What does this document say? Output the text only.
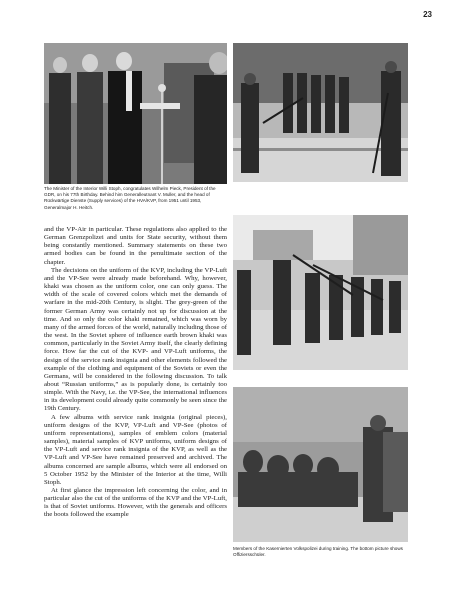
23
The Minister of the Interior Willi Stoph, congratulates Wilhelm Pieck, President of the GDR, on his 77th Birthday. Behind him Generalleutnant V. Muller, and the head of Rückwärtige Dienste (Supply services) of the HVA/KVP, from 1951 until 1953, Generalmajor H. Heitch.
Members of the Kasernierten Volkspolizei during training. The bottom picture shows Offiziersschüler.

and the VP-Air in particular. These regulations also applied to the German Grenzpolizei and units for State security, without them being constantly mentioned. Summary statements on these two armed bodies can be found in the penultimate section of the chapter.

The decisions on the uniform of the KVP, including the VP-Luft and the VP-See were already made beforehand. Why, however, khaki was chosen as the uniform color, one can only guess. The width of the scale of covered colors which met the demands of warfare in the mid-20th Century, is slight. The grey-green of the former German Army was certainly not up for discussion at the time. And so only the color khaki remained, which was worn by many of the armed forces of the world, naturally including those of the west. In the Soviet sphere of influence earth brown khaki was common, particularly in the Soviet Army itself, the clearly defining force. How far the cut of the KVP- and VP-Luft uniforms, the design of the service rank insignia and other elements followed the example of the clothing and equipment of the Soviets or even the Germans, will be considered in the following discussion. To talk about “Russian uniforms,” as is popularly done, is certainly too simple. With the Navy, i.e. the VP-See, the international influences in its development could already quite commonly be seen since the 19th Century.

A few albums with service rank insignia (original pieces), uniform designs of the KVP, VP-Luft and VP-See (photos of uniform representations), samples of emblem colors (material samples), material samples of KVP uniforms, uniform designs of the VP-Luft and service rank insignia of the KVP, as well as the VP-Luft and VP-See have remained preserved and archived. The albums concerned are sample albums, which were all endorsed on 5 October 1952 by the Minister of the Interior at the time, Willi Stoph.

At first glance the impression left concerning the color, and in particular also the cut of the uniforms of the KVP and the VP-Luft, is that of Soviet uniforms. However, with the generals and officers the boots followed the example
